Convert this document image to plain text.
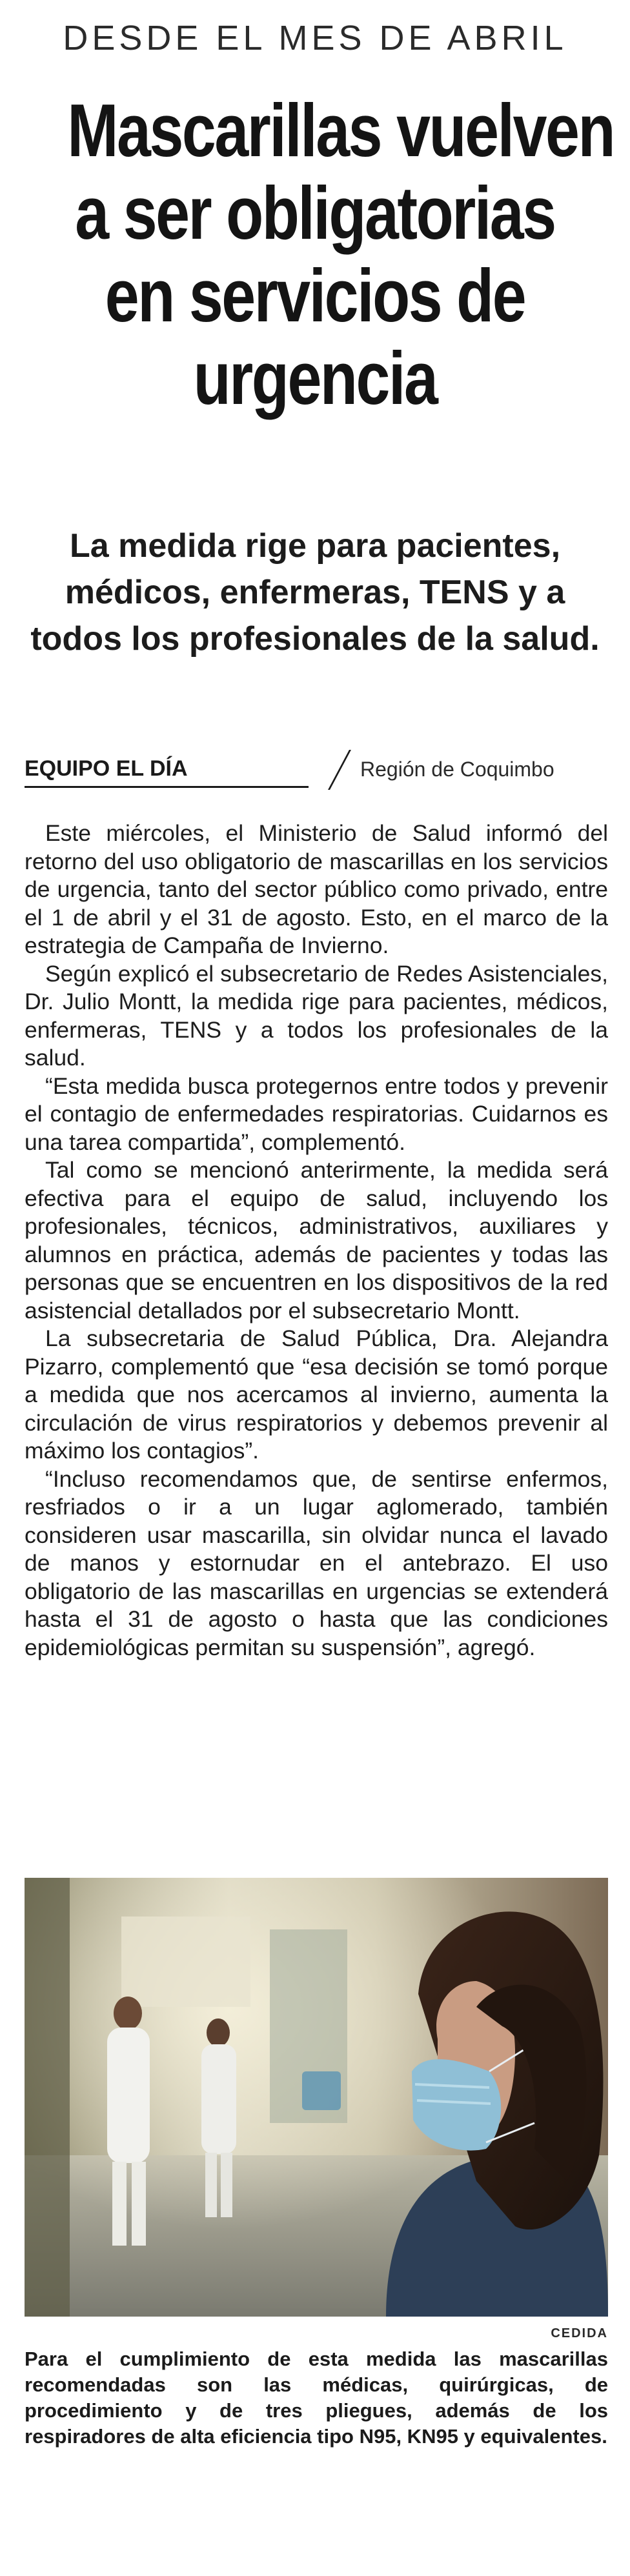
DESDE EL MES DE ABRIL
Mascarillas vuelven
a ser obligatorias
en servicios de
urgencia
La medida rige para pacientes,
médicos, enfermeras, TENS y a
todos los profesionales de la salud.
EQUIPO EL DÍA	Región de Coquimbo

Este miércoles, el Ministerio de Salud informó del retorno del uso obligatorio de mascarillas en los servicios de urgencia, tanto del sector público como privado, entre el 1 de abril y el 31 de agosto. Esto, en el marco de la estrategia de Campaña de Invierno.

Según explicó el subsecretario de Redes Asistenciales, Dr. Julio Montt, la medida rige para pacientes, médicos, enfermeras, TENS y a todos los profesionales de la salud.

“Esta medida busca protegernos entre todos y prevenir el contagio de enfermedades respiratorias. Cuidarnos es una tarea compartida”, complementó.

Tal como se mencionó anterirmente, la medida será efectiva para el equipo de salud, incluyendo los profesionales, técnicos, administrativos, auxiliares y alumnos en práctica, además de pacientes y todas las personas que se encuentren en los dispositivos de la red asistencial detallados por el subsecretario Montt.

La subsecretaria de Salud Pública, Dra. Alejandra Pizarro, complementó que “esa decisión se tomó porque a medida que nos acercamos al invierno, aumenta la circulación de virus respiratorios y debemos prevenir al máximo los contagios”.

“Incluso recomendamos que, de sentirse enfermos, resfriados o ir a un lugar aglomerado, también consideren usar mascarilla, sin olvidar nunca el lavado de manos y estornudar en el antebrazo. El uso obligatorio de las mascarillas en urgencias se extenderá hasta el 31 de agosto o hasta que las condiciones epidemiológicas permitan su suspensión”, agregó.

CEDIDA
Para el cumplimiento de esta medida las mascarillas recomendadas son las médicas, quirúrgicas, de procedimiento y de tres pliegues, además de los respiradores de alta eficiencia tipo N95, KN95 y equivalentes.
